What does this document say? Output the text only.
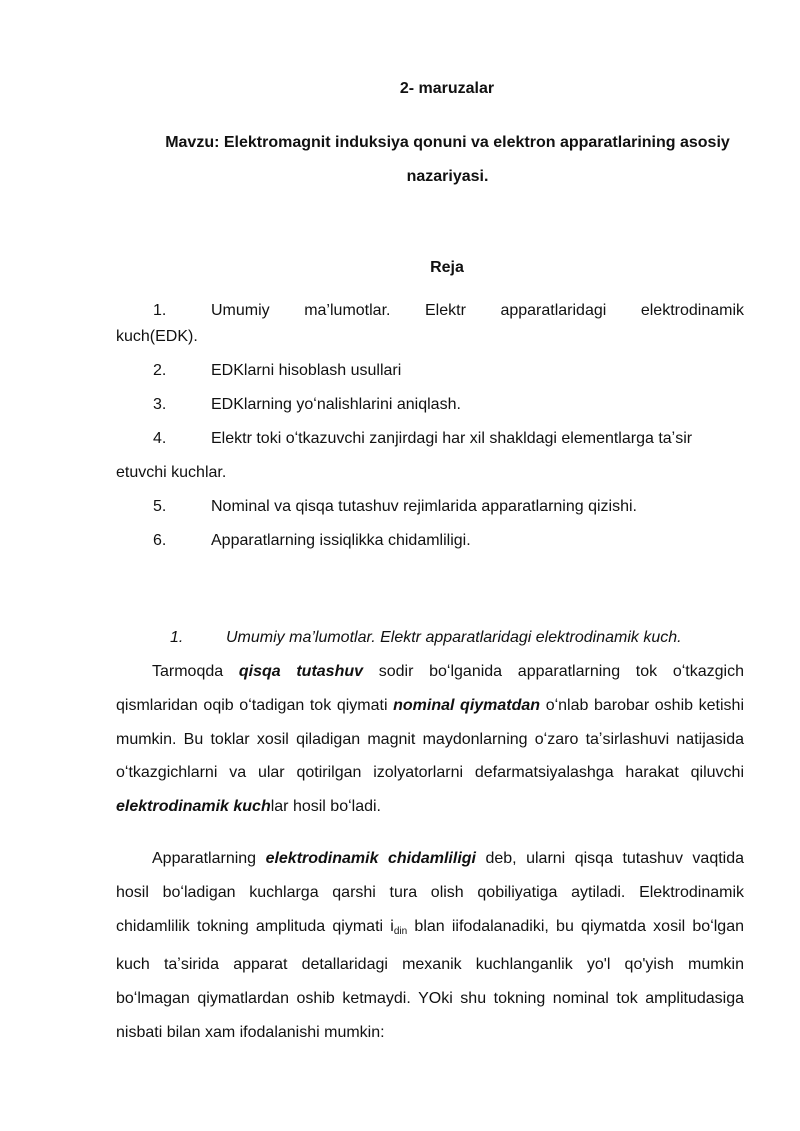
2- maruzalar
Mavzu: Elektromagnit induksiya qonuni va elektron apparatlarining asosiy nazariyasi.
Reja
1.	Umumiy ma’lumotlar. Elektr apparatlaridagi elektrodinamik
kuch(EDK).
2.	EDKlarni hisoblash usullari
3.	EDKlarning yoʻnalishlarini aniqlash.
4.	Elektr toki oʻtkazuvchi zanjirdagi har xil shakldagi elementlarga taʼsir
etuvchi kuchlar.
5.	Nominal va qisqa tutashuv rejimlarida apparatlarning qizishi.
6.	Apparatlarning issiqlikka chidamliligi.
1.	Umumiy ma’lumotlar. Elektr apparatlaridagi elektrodinamik kuch.

Tarmoqda qisqa tutashuv sodir boʻlganida apparatlarning tok oʻtkazgich qismlaridan oqib oʻtadigan tok qiymati nominal qiymatdan oʻnlab barobar oshib ketishi mumkin. Bu toklar xosil qiladigan magnit maydonlarning oʻzaro taʼsirlashuvi natijasida oʻtkazgichlarni va ular qotirilgan izolyatorlarni defarmatsiyalashga harakat qiluvchi elektrodinamik kuchlar hosil boʻladi.

Apparatlarning elektrodinamik chidamliligi deb, ularni qisqa tutashuv vaqtida hosil boʻladigan kuchlarga qarshi tura olish qobiliyatiga aytiladi. Elektrodinamik chidamlilik tokning amplituda qiymati $i_{din}$ blan iifodalanadiki, bu qiymatda xosil boʻlgan kuch taʼsirida apparat detallaridagi mexanik kuchlanganlik yo'l qo'yish mumkin boʻlmagan qiymatlardan oshib ketmaydi. YOki shu tokning nominal tok amplitudasiga nisbati bilan xam ifodalanishi mumkin:
